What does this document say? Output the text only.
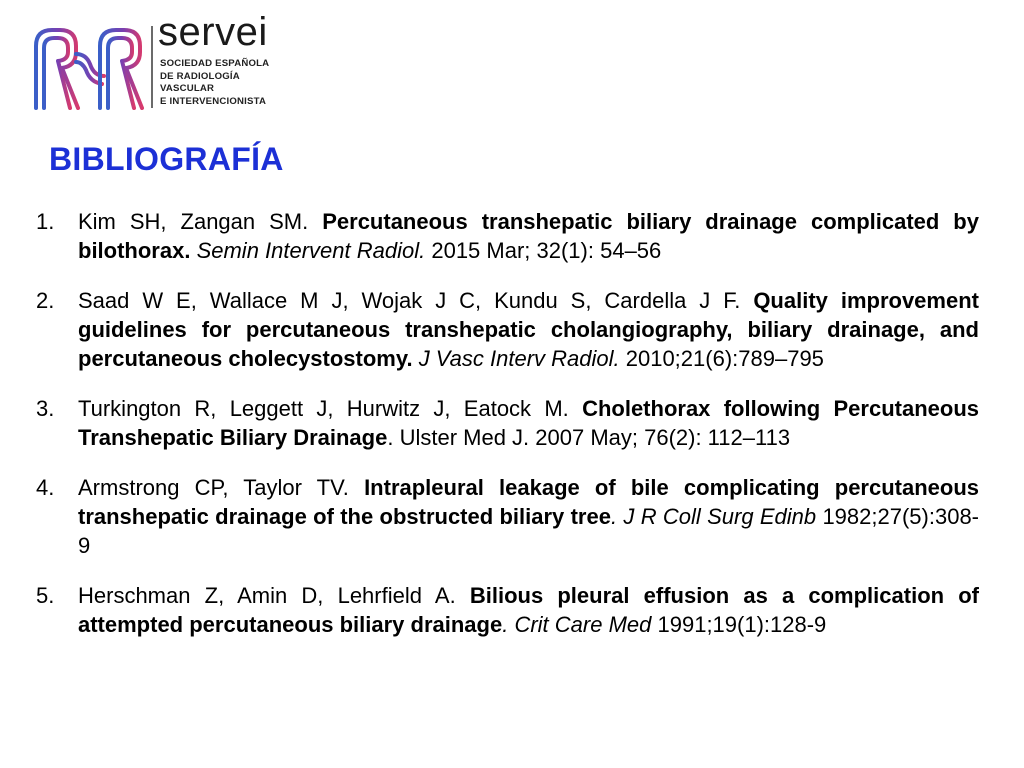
servei
SOCIEDAD ESPAÑOLA
DE RADIOLOGÍA
VASCULAR
E INTERVENCIONISTA
BIBLIOGRAFÍA
1. Kim SH, Zangan SM. Percutaneous transhepatic biliary drainage complicated by bilothorax. Semin Intervent Radiol. 2015 Mar; 32(1): 54–56
2. Saad W E, Wallace M J, Wojak J C, Kundu S, Cardella J F. Quality improvement guidelines for percutaneous transhepatic cholangiography, biliary drainage, and percutaneous cholecystostomy. J Vasc Interv Radiol. 2010;21(6):789–795
3. Turkington R, Leggett J, Hurwitz J, Eatock M. Cholethorax following Percutaneous Transhepatic Biliary Drainage. Ulster Med J. 2007 May; 76(2): 112–113
4. Armstrong CP, Taylor TV. Intrapleural leakage of bile complicating percutaneous transhepatic drainage of the obstructed biliary tree. J R Coll Surg Edinb 1982;27(5):308-9
5. Herschman Z, Amin D, Lehrfield A. Bilious pleural effusion as a complication of attempted percutaneous biliary drainage. Crit Care Med 1991;19(1):128-9
